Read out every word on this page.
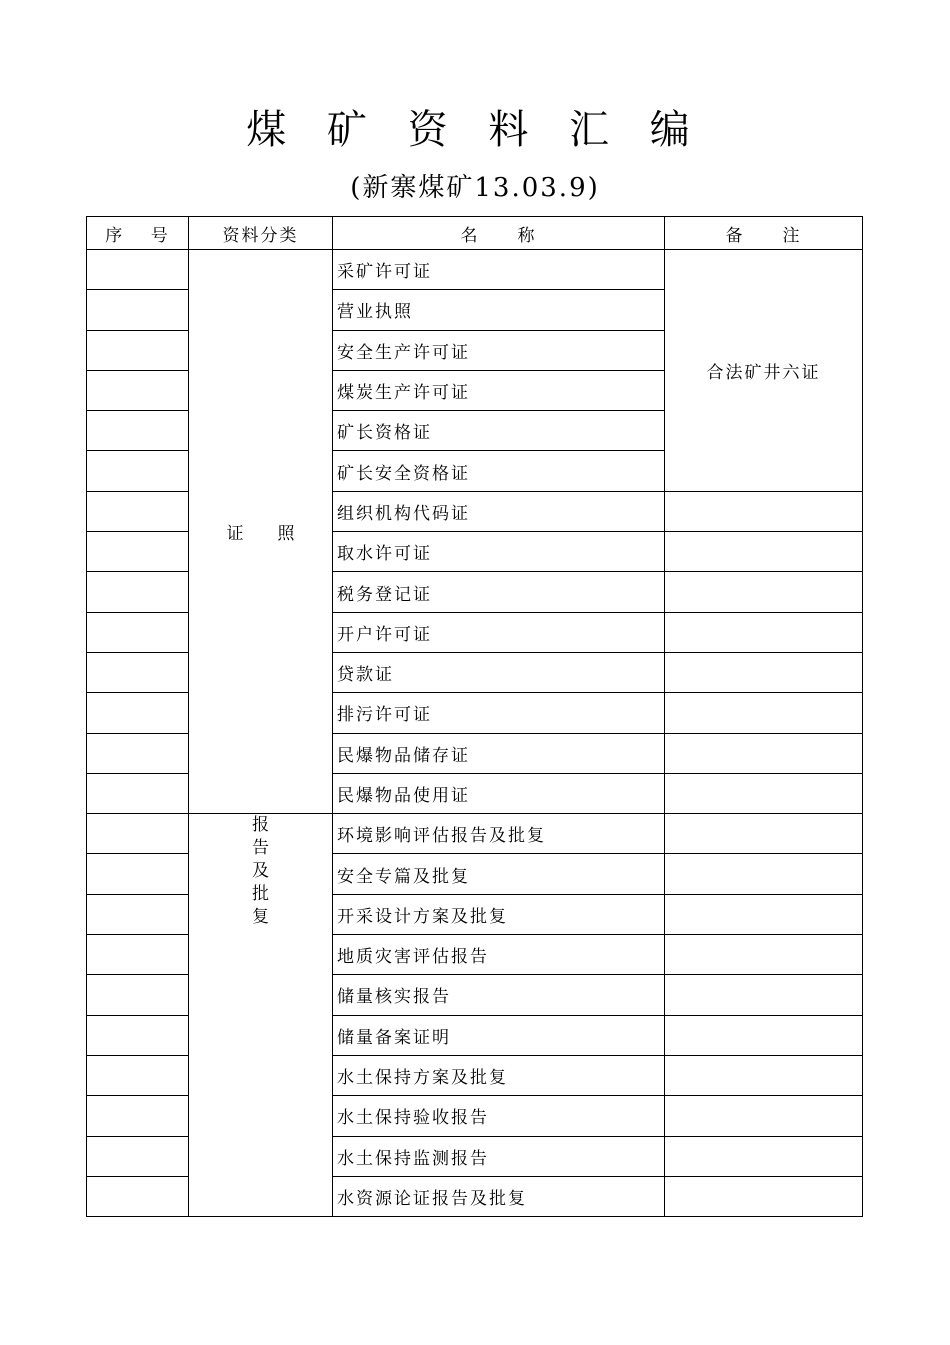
煤 矿 资 料 汇 编
(新寨煤矿13.03.9)
序　 号	资料分类	名　　称	备　　注
	证　　照	采矿许可证	合法矿井六证
		营业执照	
		安全生产许可证	
		煤炭生产许可证	
		矿长资格证	
		矿长安全资格证	
		组织机构代码证	
		取水许可证	
		税务登记证	
		开户许可证	
		贷款证	
		排污许可证	
		民爆物品储存证	
		民爆物品使用证	
	报告及批复	环境影响评估报告及批复	
		安全专篇及批复	
		开采设计方案及批复	
		地质灾害评估报告	
		储量核实报告	
		储量备案证明	
		水土保持方案及批复	
		水土保持验收报告	
		水土保持监测报告	
		水资源论证报告及批复	
